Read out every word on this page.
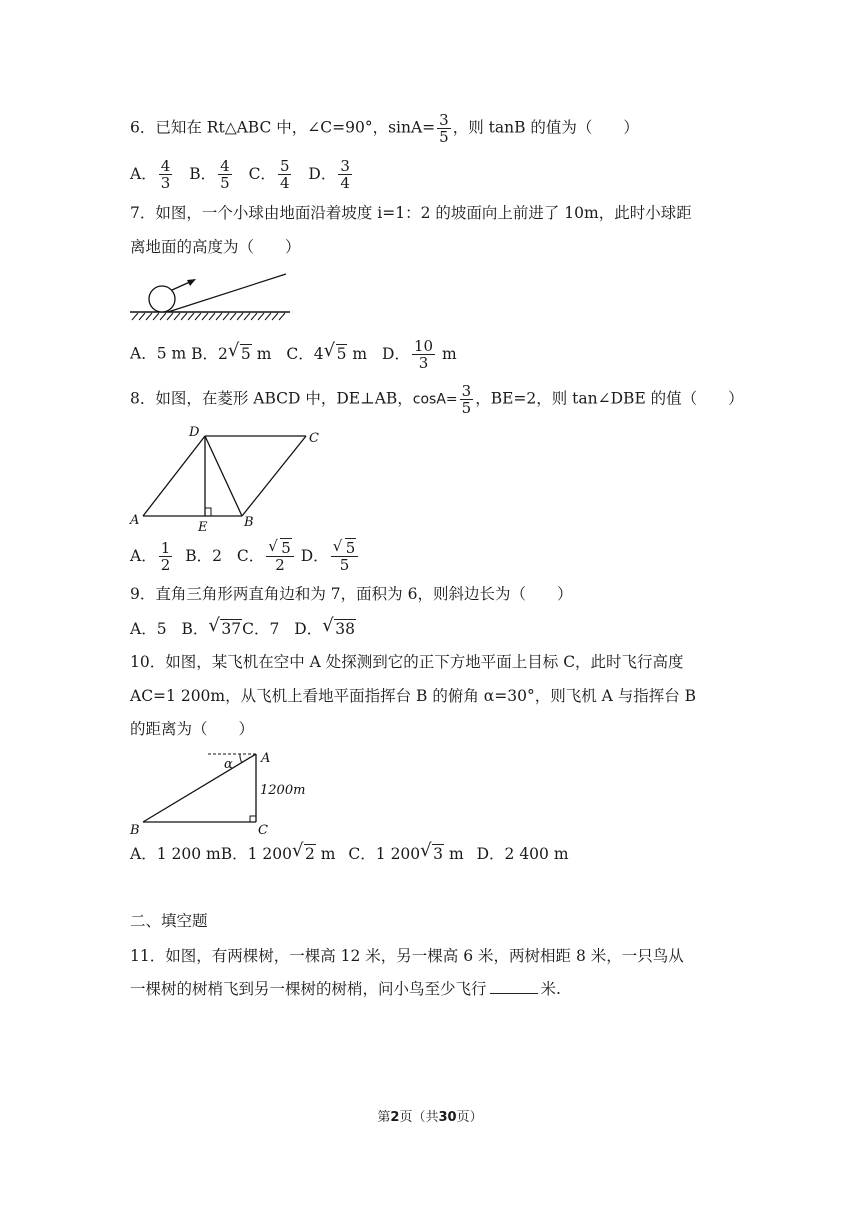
6．已知在 Rt△ABC 中，∠C=90°，$\sin A= \frac{3}{5}$ ，则 tanB 的值为（　　）
A． $\frac{4}{3}$ B． $\frac{4}{5}$ C． $\frac{5}{4}$ D． $\frac{3}{4}$
7．如图，一个小球由地面沿着坡度 i=1：2 的坡面向上前进了 10m，此时小球距
离地面的高度为（　　）
A．5 m B．2 √ 5 m C．4 √ 5 m D． $\frac{10}{3}$ m
8．如图，在菱形 ABCD 中，DE⊥AB，$\cos A= \frac{3}{5}$ ，BE=2，则 tan∠DBE 的值（　　）
D	C
A	E	B
A． $\frac{1}{2}$ B．2 C． √ $\frac{5}{2}$ D． √ $\frac{5}{5}$
9．直角三角形两直角边和为 7，面积为 6，则斜边长为（　　）
A．5 B． √ 37C．7 D． √ 38
10．如图，某飞机在空中 A 处探测到它的正下方地平面上目标 C，此时飞行高度
AC=1 200m，从飞机上看地平面指挥台 B 的俯角 α=30°，则飞机 A 与指挥台 B
的距离为（　　）
α A
1200m
B	C
A．1 200 mB．1 200 √ 2 m C．1 200 √ 3 m D．2 400 m
二、填空题
11．如图，有两棵树，一棵高 12 米，另一棵高 6 米，两树相距 8 米，一只鸟从
一棵树的树梢飞到另一棵树的树梢，问小鸟至少飞行	米.
第2页（共30页）
